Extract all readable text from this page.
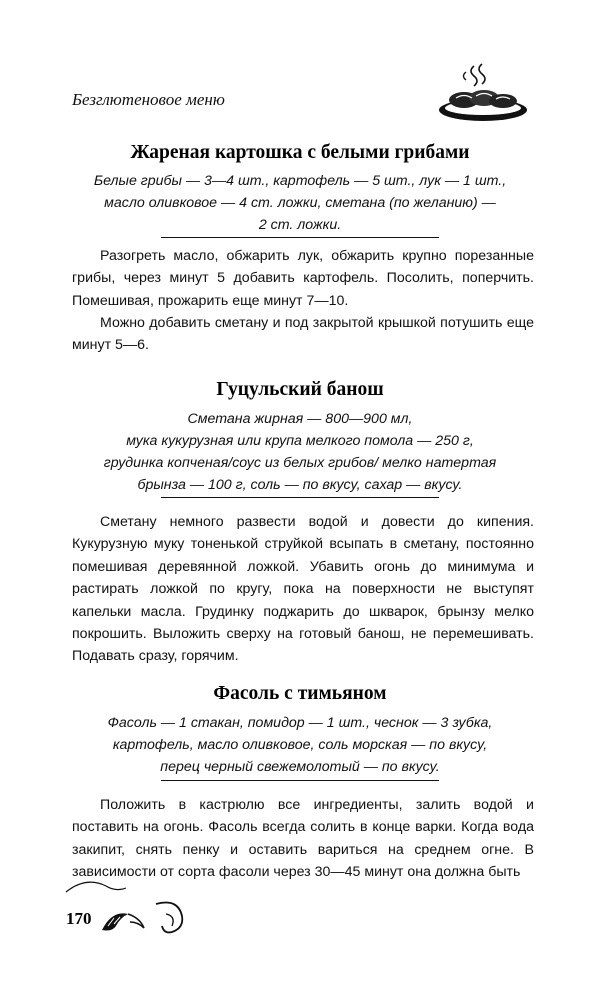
Безглютеновое меню
Жареная картошка с белыми грибами
Белые грибы — 3—4 шт., картофель — 5 шт., лук — 1 шт.,
масло оливковое — 4 ст. ложки, сметана (по желанию) —
2 ст. ложки.
Разогреть масло, обжарить лук, обжарить крупно порезанные грибы, через минут 5 добавить картофель. Посолить, поперчить. Помешивая, прожарить еще минут 7—10.
Можно добавить сметану и под закрытой крышкой потушить еще минут 5—6.
Гуцульский банош
Сметана жирная — 800—900 мл,
мука кукурузная или крупа мелкого помола — 250 г,
грудинка копченая/соус из белых грибов/ мелко натертая
брынза — 100 г, соль — по вкусу, сахар — вкусу.
Сметану немного развести водой и довести до кипения. Кукурузную муку тоненькой струйкой всыпать в сметану, постоянно помешивая деревянной ложкой. Убавить огонь до минимума и растирать ложкой по кругу, пока на поверхности не выступят капельки масла. Грудинку поджарить до шкварок, брынзу мелко покрошить. Выложить сверху на готовый банош, не перемешивать. Подавать сразу, горячим.
Фасоль с тимьяном
Фасоль — 1 стакан, помидор — 1 шт., чеснок — 3 зубка,
картофель, масло оливковое, соль морская — по вкусу,
перец черный свежемолотый — по вкусу.
Положить в кастрюлю все ингредиенты, залить водой и поставить на огонь. Фасоль всегда солить в конце варки. Когда вода закипит, снять пенку и оставить вариться на среднем огне. В зависимости от сорта фасоли через 30—45 минут она должна быть
170
